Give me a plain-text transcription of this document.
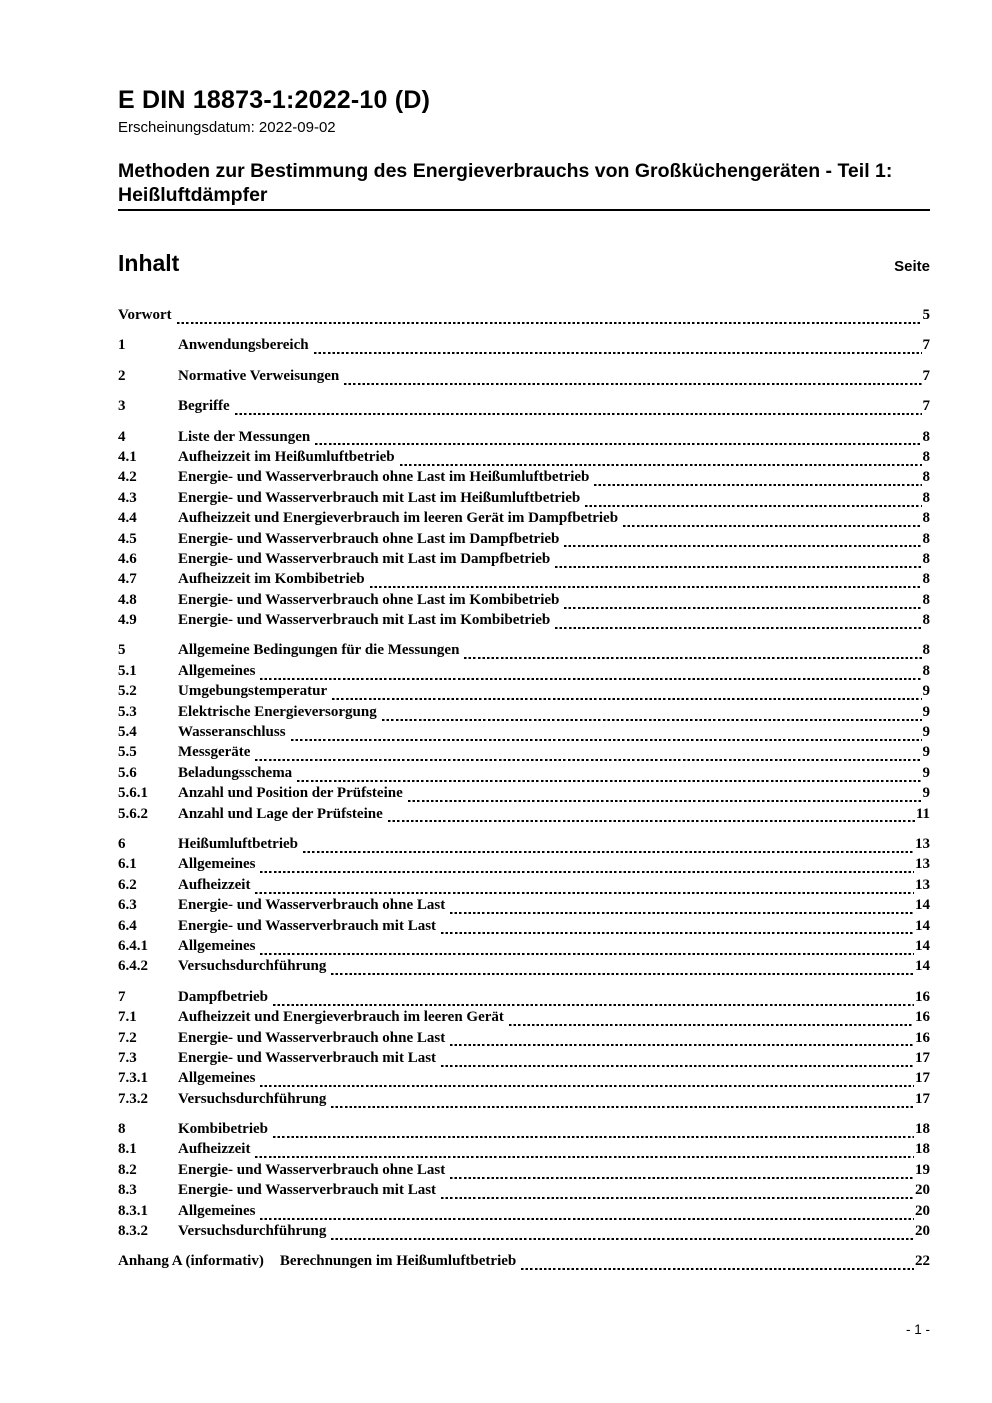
E DIN 18873-1:2022-10 (D)
Erscheinungsdatum: 2022-09-02
Methoden zur Bestimmung des Energieverbrauchs von Großküchengeräten - Teil 1: Heißluftdämpfer
Inhalt	Seite
Vorwort	5
1	Anwendungsbereich	7
2	Normative Verweisungen	7
3	Begriffe	7
4	Liste der Messungen	8
4.1	Aufheizzeit im Heißumluftbetrieb	8
4.2	Energie- und Wasserverbrauch ohne Last im Heißumluftbetrieb	8
4.3	Energie- und Wasserverbrauch mit Last im Heißumluftbetrieb	8
4.4	Aufheizzeit und Energieverbrauch im leeren Gerät im Dampfbetrieb	8
4.5	Energie- und Wasserverbrauch ohne Last im Dampfbetrieb	8
4.6	Energie- und Wasserverbrauch mit Last im Dampfbetrieb	8
4.7	Aufheizzeit im Kombibetrieb	8
4.8	Energie- und Wasserverbrauch ohne Last im Kombibetrieb	8
4.9	Energie- und Wasserverbrauch mit Last im Kombibetrieb	8
5	Allgemeine Bedingungen für die Messungen	8
5.1	Allgemeines	8
5.2	Umgebungstemperatur	9
5.3	Elektrische Energieversorgung	9
5.4	Wasseranschluss	9
5.5	Messgeräte	9
5.6	Beladungsschema	9
5.6.1	Anzahl und Position der Prüfsteine	9
5.6.2	Anzahl und Lage der Prüfsteine	11
6	Heißumluftbetrieb	13
6.1	Allgemeines	13
6.2	Aufheizzeit	13
6.3	Energie- und Wasserverbrauch ohne Last	14
6.4	Energie- und Wasserverbrauch mit Last	14
6.4.1	Allgemeines	14
6.4.2	Versuchsdurchführung	14
7	Dampfbetrieb	16
7.1	Aufheizzeit und Energieverbrauch im leeren Gerät	16
7.2	Energie- und Wasserverbrauch ohne Last	16
7.3	Energie- und Wasserverbrauch mit Last	17
7.3.1	Allgemeines	17
7.3.2	Versuchsdurchführung	17
8	Kombibetrieb	18
8.1	Aufheizzeit	18
8.2	Energie- und Wasserverbrauch ohne Last	19
8.3	Energie- und Wasserverbrauch mit Last	20
8.3.1	Allgemeines	20
8.3.2	Versuchsdurchführung	20
Anhang A (informativ)	Berechnungen im Heißumluftbetrieb	22
- 1 -
